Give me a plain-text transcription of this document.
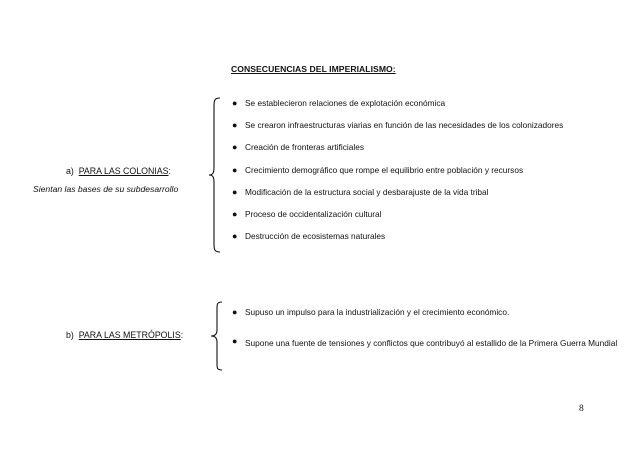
CONSECUENCIAS DEL IMPERIALISMO:
a) PARA LAS COLONIAS:
Sientan las bases de su subdesarrollo
● Se establecieron relaciones de explotación económica
● Se crearon infraestructuras viarias en función de las necesidades de los colonizadores
● Creación de fronteras artificiales
● Crecimiento demográfico que rompe el equilibrio entre población y recursos
● Modificación de la estructura social y desbarajuste de la vida tribal
● Proceso de occidentalización cultural
● Destrucción de ecosistemas naturales
b) PARA LAS METRÓPOLIS:
● Supuso un impulso para la industrialización y el crecimiento económico.
● Supone una fuente de tensiones y conflictos que contribuyó al estallido de la Primera Guerra Mundial
8
